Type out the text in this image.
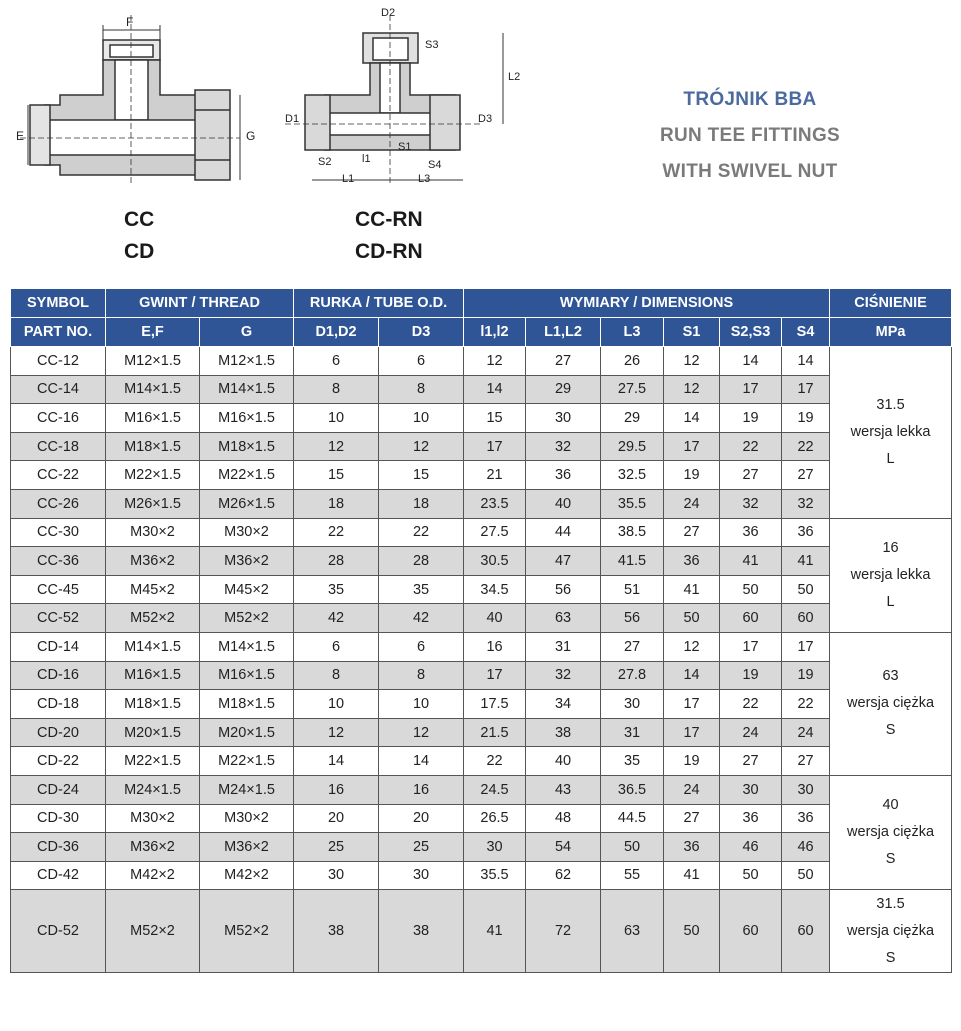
F
E	G
D2
S3
L2
D1	D3
S1
S2	l1	S4
L1	L3
CC
CD
CC-RN
CD-RN
TRÓJNIK BBA
RUN TEE FITTINGS
WITH SWIVEL NUT
SYMBOL	GWINT / THREAD		RURKA / TUBE O.D.		WYMIARY / DIMENSIONS						CIŚNIENIE
PART NO.	E,F	G	D1,D2	D3	l1,l2	L1,L2	L3	S1	S2,S3	S4	MPa
CC-12	M12×1.5	M12×1.5	6	6	12	27	26	12	14	14	31.5
wersja lekka
L

CC-14	M14×1.5	M14×1.5	8	8	14	29	27.5	12	17	17	
CC-16	M16×1.5	M16×1.5	10	10	15	30	29	14	19	19	
CC-18	M18×1.5	M18×1.5	12	12	17	32	29.5	17	22	22	
CC-22	M22×1.5	M22×1.5	15	15	21	36	32.5	19	27	27	
CC-26	M26×1.5	M26×1.5	18	18	23.5	40	35.5	24	32	32	
CC-30	M30×2	M30×2	22	22	27.5	44	38.5	27	36	36	16
wersja lekka
L

CC-36	M36×2	M36×2	28	28	30.5	47	41.5	36	41	41	
CC-45	M45×2	M45×2	35	35	34.5	56	51	41	50	50	
CC-52	M52×2	M52×2	42	42	40	63	56	50	60	60	
CD-14	M14×1.5	M14×1.5	6	6	16	31	27	12	17	17	63
wersja ciężka
S

CD-16	M16×1.5	M16×1.5	8	8	17	32	27.8	14	19	19	
CD-18	M18×1.5	M18×1.5	10	10	17.5	34	30	17	22	22	
CD-20	M20×1.5	M20×1.5	12	12	21.5	38	31	17	24	24	
CD-22	M22×1.5	M22×1.5	14	14	22	40	35	19	27	27	
CD-24	M24×1.5	M24×1.5	16	16	24.5	43	36.5	24	30	30	40
wersja ciężka
S

CD-30	M30×2	M30×2	20	20	26.5	48	44.5	27	36	36	
CD-36	M36×2	M36×2	25	25	30	54	50	36	46	46	
CD-42	M42×2	M42×2	30	30	35.5	62	55	41	50	50	
CD-52	M52×2	M52×2	38	38	41	72	63	50	60	60	31.5
wersja ciężka
S
